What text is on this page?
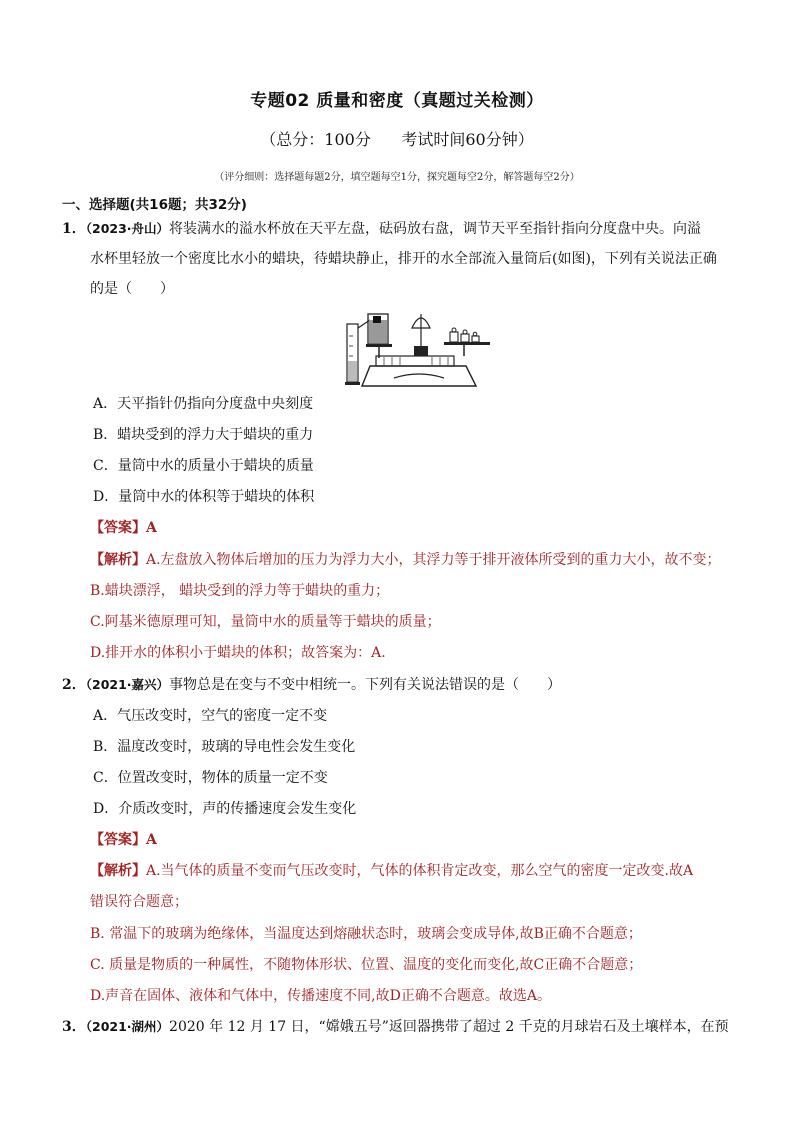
专题02 质量和密度（真题过关检测）
（总分：100分      考试时间60分钟）
（评分细则：选择题每题2分，填空题每空1分，探究题每空2分，解答题每空2分）
一、选择题(共16题；共32分)
1．（2023·舟山）将装满水的溢水杯放在天平左盘，砝码放右盘，调节天平至指针指向分度盘中央。向溢
水杯里轻放一个密度比水小的蜡块，待蜡块静止，排开的水全部流入量筒后(如图)，下列有关说法正确
的是（　　）
A．天平指针仍指向分度盘中央刻度
B．蜡块受到的浮力大于蜡块的重力
C．量筒中水的质量小于蜡块的质量
D．量筒中水的体积等于蜡块的体积
【答案】A
【解析】A.左盘放入物体后增加的压力为浮力大小，其浮力等于排开液体所受到的重力大小，故不变；
B.蜡块漂浮， 蜡块受到的浮力等于蜡块的重力；
C.阿基米德原理可知，量筒中水的质量等于蜡块的质量；
D.排开水的体积小于蜡块的体积；故答案为：A.
2．（2021·嘉兴）事物总是在变与不变中相统一。下列有关说法错误的是（　　）
A．气压改变时，空气的密度一定不变
B．温度改变时，玻璃的导电性会发生变化
C．位置改变时，物体的质量一定不变
D．介质改变时，声的传播速度会发生变化
【答案】A
【解析】A.当气体的质量不变而气压改变时，气体的体积肯定改变，那么空气的密度一定改变.故A
错误符合题意；
B. 常温下的玻璃为绝缘体，当温度达到熔融状态时，玻璃会变成导体,故B正确不合题意；
C. 质量是物质的一种属性，不随物体形状、位置、温度的变化而变化,故C正确不合题意；
D.声音在固体、液体和气体中，传播速度不同,故D正确不合题意。故选A。
3．（2021·湖州）2020 年 12 月 17 日，“嫦娥五号”返回器携带了超过 2 千克的月球岩石及土壤样本，在预
